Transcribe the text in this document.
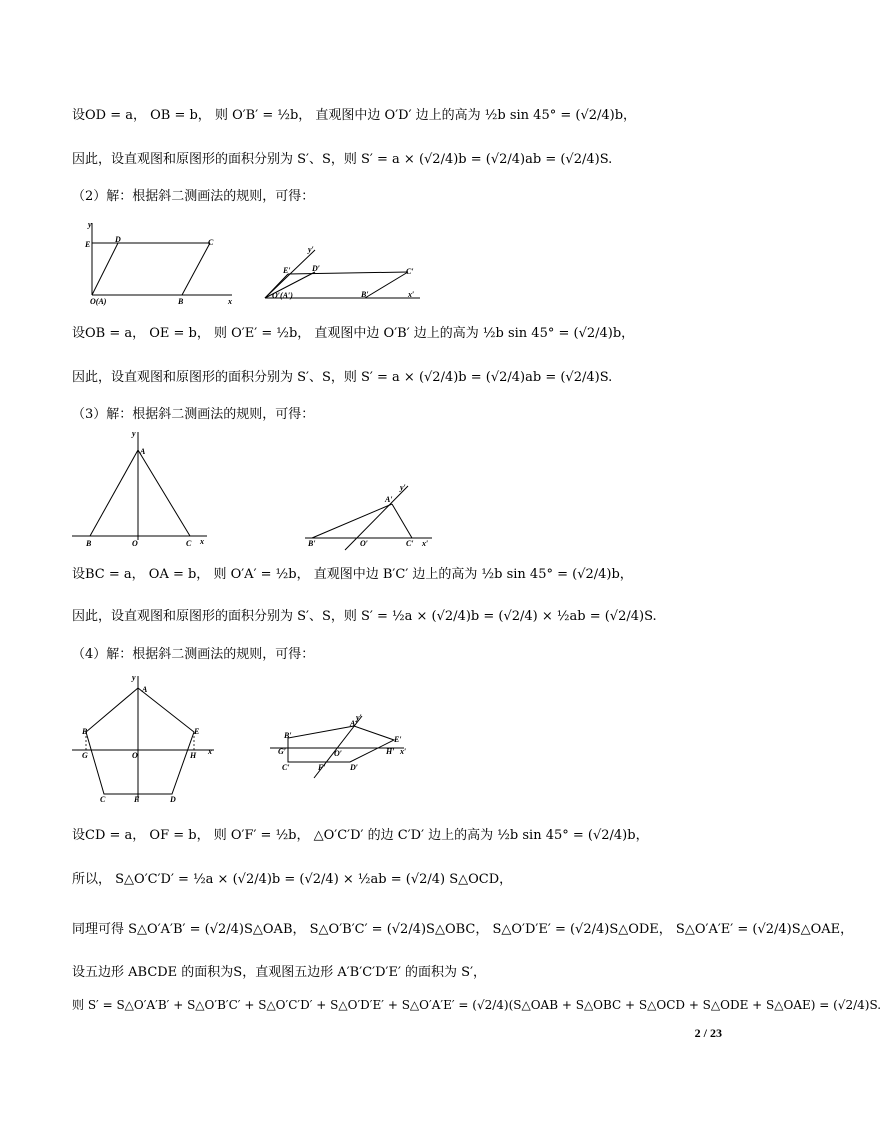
设OD = a， OB = b， 则 O′B′ = ½b， 直观图中边 O′D′ 边上的高为 ½b sin 45° = (√2/4)b，
因此，设直观图和原图形的面积分别为 S′、S，则 S′ = a × (√2/4)b = (√2/4)ab = (√2/4)S.
（2）解：根据斜二测画法的规则，可得：
y
E
D	C
O(A)	B	x
y′
E′	D′	C′
O′(A′)	B′	x′
设OB = a， OE = b， 则 O′E′ = ½b， 直观图中边 O′B′ 边上的高为 ½b sin 45° = (√2/4)b，
因此，设直观图和原图形的面积分别为 S′、S，则 S′ = a × (√2/4)b = (√2/4)ab = (√2/4)S.
（3）解：根据斜二测画法的规则，可得：
y
A
B	O	C x
y′
A′
B′	O′	C′ x′
设BC = a， OA = b， 则 O′A′ = ½b， 直观图中边 B′C′ 边上的高为 ½b sin 45° = (√2/4)b，
因此，设直观图和原图形的面积分别为 S′、S，则 S′ = ½a × (√2/4)b = (√2/4) × ½ab = (√2/4)S.
（4）解：根据斜二测画法的规则，可得：
y
A
B	E
G	O	H x
C	F	D
y′
A′
B′	E′
G′	O′	H′ x′
C′	F′	D′
设CD = a， OF = b， 则 O′F′ = ½b， △O′C′D′ 的边 C′D′ 边上的高为 ½b sin 45° = (√2/4)b，
所以， S△O′C′D′ = ½a × (√2/4)b = (√2/4) × ½ab = (√2/4) S△OCD，
同理可得 S△O′A′B′ = (√2/4)S△OAB， S△O′B′C′ = (√2/4)S△OBC， S△O′D′E′ = (√2/4)S△ODE， S△O′A′E′ = (√2/4)S△OAE，
设五边形 ABCDE 的面积为S，直观图五边形 A′B′C′D′E′ 的面积为 S′，
则 S′ = S△O′A′B′ + S△O′B′C′ + S△O′C′D′ + S△O′D′E′ + S△O′A′E′ = (√2/4)(S△OAB + S△OBC + S△OCD + S△ODE + S△OAE) = (√2/4)S.
2 / 23
